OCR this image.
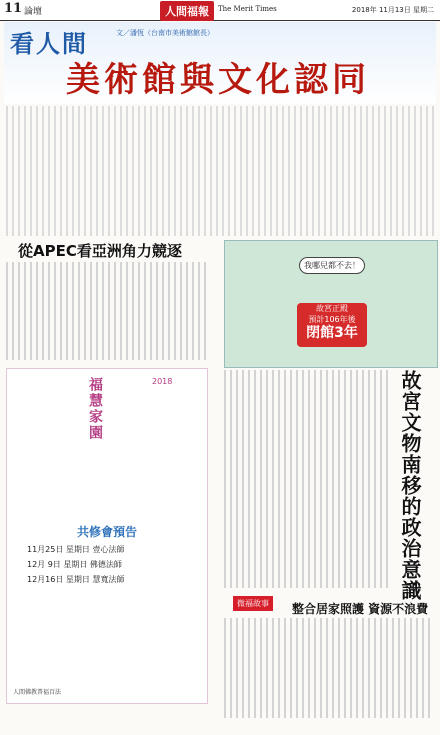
11 論壇	人間福報	The Merit Times	2018年 11月13日 星期二
看人間	文／潘恆（台南市美術館館長）
美術館與文化認同
從APEC看亞洲角力競逐
我哪兒都不去！
故宮正殿
預計106年後
閉館3年
福慧家園	2018
共修會預告
11月25日 星期日 壹心法師
12月 9日 星期日 佛德法師
12月16日 星期日 慧寬法師
人間佛教普福百法
故宮文物南移的政治意識
微福故事	整合居家照護 資源不浪費
